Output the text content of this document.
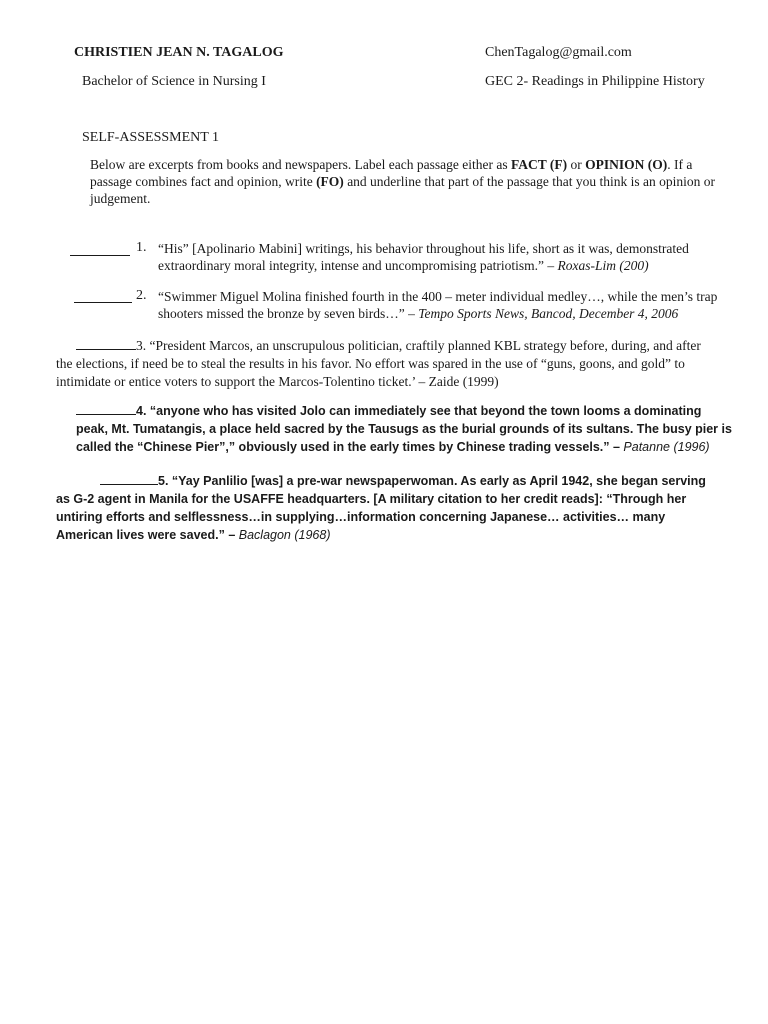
CHRISTIEN JEAN N. TAGALOG	ChenTagalog@gmail.com
Bachelor of Science in Nursing I	GEC 2- Readings in Philippine History
SELF-ASSESSMENT 1
Below are excerpts from books and newspapers. Label each passage either as FACT (F) or OPINION (O). If a passage combines fact and opinion, write (FO) and underline that part of the passage that you think is an opinion or judgement.
1. “His” [Apolinario Mabini] writings, his behavior throughout his life, short as it was, demonstrated extraordinary moral integrity, intense and uncompromising patriotism.” – Roxas-Lim (200)
2. “Swimmer Miguel Molina finished fourth in the 400 – meter individual medley…, while the men’s trap shooters missed the bronze by seven birds…” – Tempo Sports News, Bancod, December 4, 2006
3. “President Marcos, an unscrupulous politician, craftily planned KBL strategy before, during, and after the elections, if need be to steal the results in his favor. No effort was spared in the use of “guns, goons, and gold” to intimidate or entice voters to support the Marcos-Tolentino ticket.’ – Zaide (1999)
4. “anyone who has visited Jolo can immediately see that beyond the town looms a dominating peak, Mt. Tumatangis, a place held sacred by the Tausugs as the burial grounds of its sultans. The busy pier is called the “Chinese Pier”,” obviously used in the early times by Chinese trading vessels.” – Patanne (1996)
5. “Yay Panlilio [was] a pre-war newspaperwoman. As early as April 1942, she began serving as G-2 agent in Manila for the USAFFE headquarters. [A military citation to her credit reads]: “Through her untiring efforts and selflessness…in supplying…information concerning Japanese… activities… many American lives were saved.” – Baclagon (1968)
